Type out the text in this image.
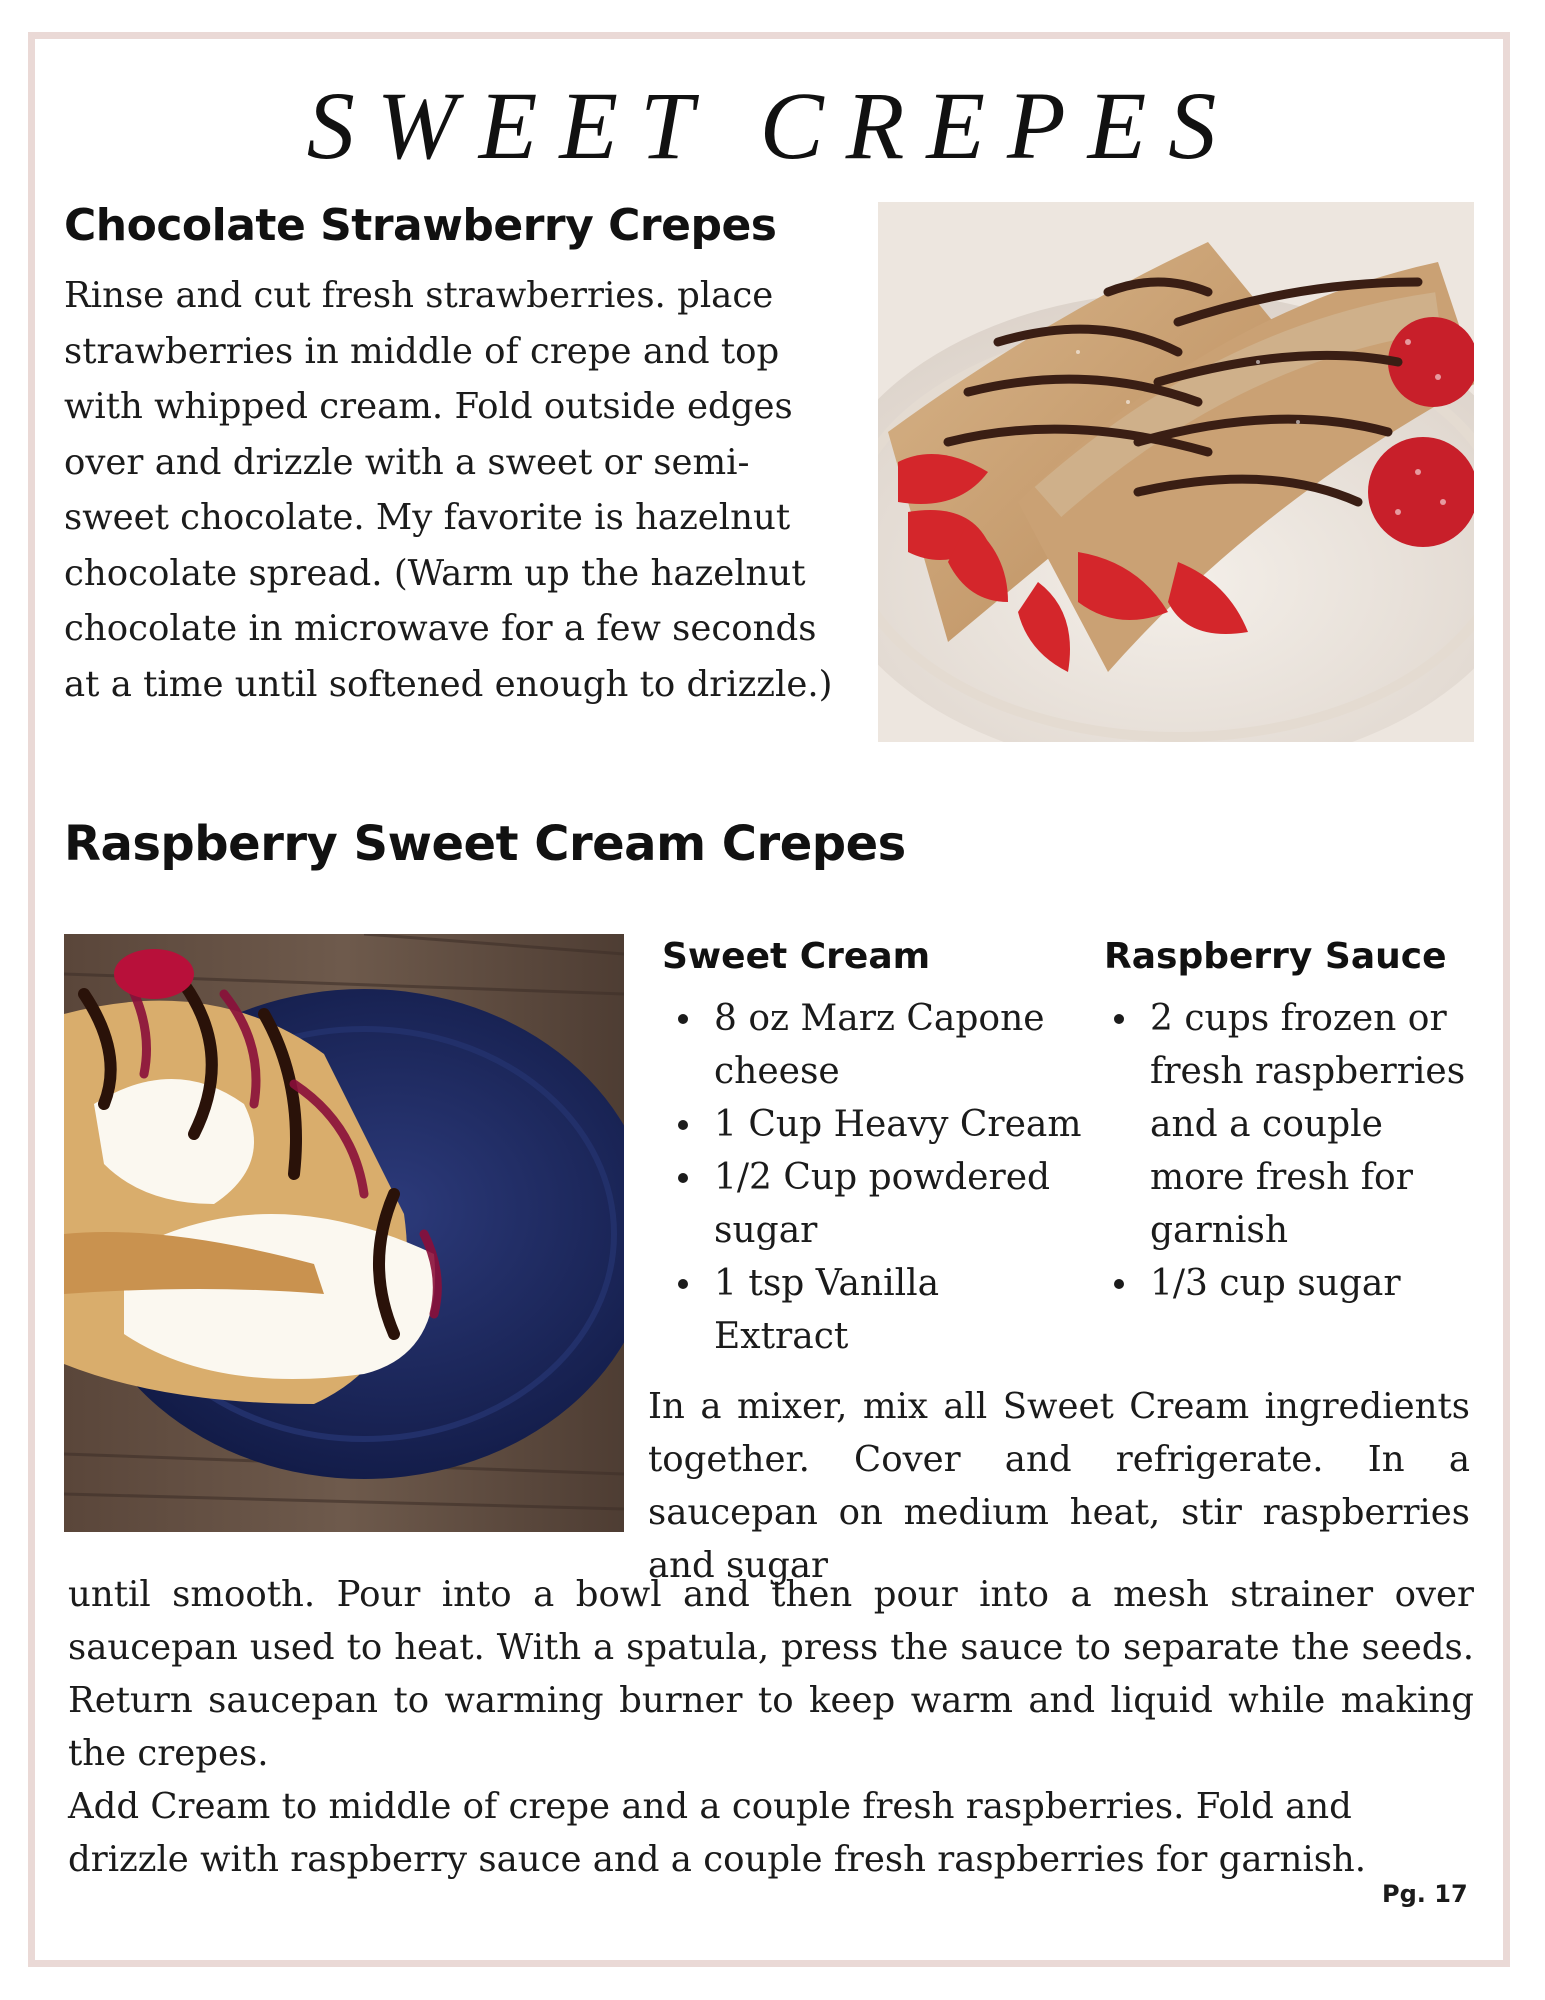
SWEET CREPES
Chocolate Strawberry Crepes

Rinse and cut fresh strawberries. place strawberries in middle of crepe and top with whipped cream. Fold outside edges over and drizzle with a sweet or semi-sweet chocolate. My favorite is hazelnut chocolate spread. (Warm up the hazelnut chocolate in microwave for a few seconds at a time until softened enough to drizzle.)

Raspberry Sweet Cream Crepes
Sweet Cream
8 oz Marz Capone cheese
1 Cup Heavy Cream
1/2 Cup powdered sugar
1 tsp Vanilla Extract
Raspberry Sauce
2 cups frozen or fresh raspberries and a couple more fresh for garnish
1/3 cup sugar

In a mixer, mix all Sweet Cream ingredients together. Cover and refrigerate. In a saucepan on medium heat, stir raspberries and sugar

until smooth. Pour into a bowl and then pour into a mesh strainer over saucepan used to heat. With a spatula, press the sauce to separate the seeds. Return saucepan to warming burner to keep warm and liquid while making the crepes.

Add Cream to middle of crepe and a couple fresh raspberries. Fold and drizzle with raspberry sauce and a couple fresh raspberries for garnish.

Pg. 17
